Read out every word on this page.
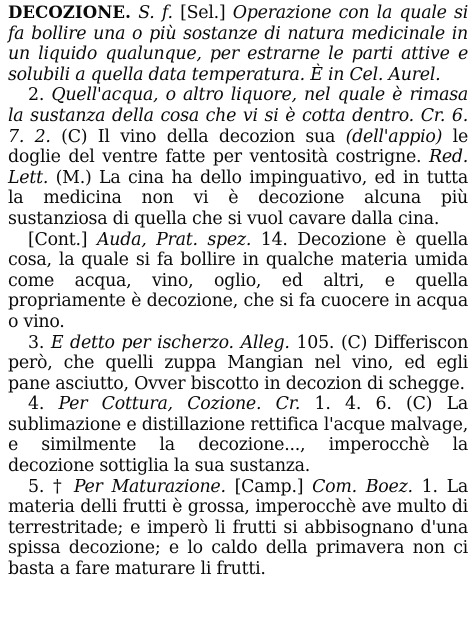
DECOZIONE. S. f. [Sel.] Operazione con la quale si fa bollire una o più sostanze di natura medicinale in un liquido qualunque, per estrarne le parti attive e solubili a quella data temperatura. È in Cel. Aurel.

2. Quell'acqua, o altro liquore, nel quale è rimasa la sustanza della cosa che vi si è cotta dentro. Cr. 6. 7. 2. (C) Il vino della decozion sua (dell'appio) le doglie del ventre fatte per ventosità costrigne. Red. Lett. (M.) La cina ha dello impinguativo, ed in tutta la medicina non vi è decozione alcuna più sustanziosa di quella che si vuol cavare dalla cina.

[Cont.] Auda, Prat. spez. 14. Decozione è quella cosa, la quale si fa bollire in qualche materia umida come acqua, vino, oglio, ed altri, e quella propriamente è decozione, che si fa cuocere in acqua o vino.

3. E detto per ischerzo. Alleg. 105. (C) Differiscon però, che quelli zuppa Mangian nel vino, ed egli pane asciutto, Ovver biscotto in decozion di schegge.

4. Per Cottura, Cozione. Cr. 1. 4. 6. (C) La sublimazione e distillazione rettifica l'acque malvage, e similmente la decozione..., imperocchè la decozione sottiglia la sua sustanza.

5. † Per Maturazione. [Camp.] Com. Boez. 1. La materia delli frutti è grossa, imperocchè ave multo di terrestritade; e imperò li frutti si abbisognano d'una spissa decozione; e lo caldo della primavera non ci basta a fare maturare li frutti.
